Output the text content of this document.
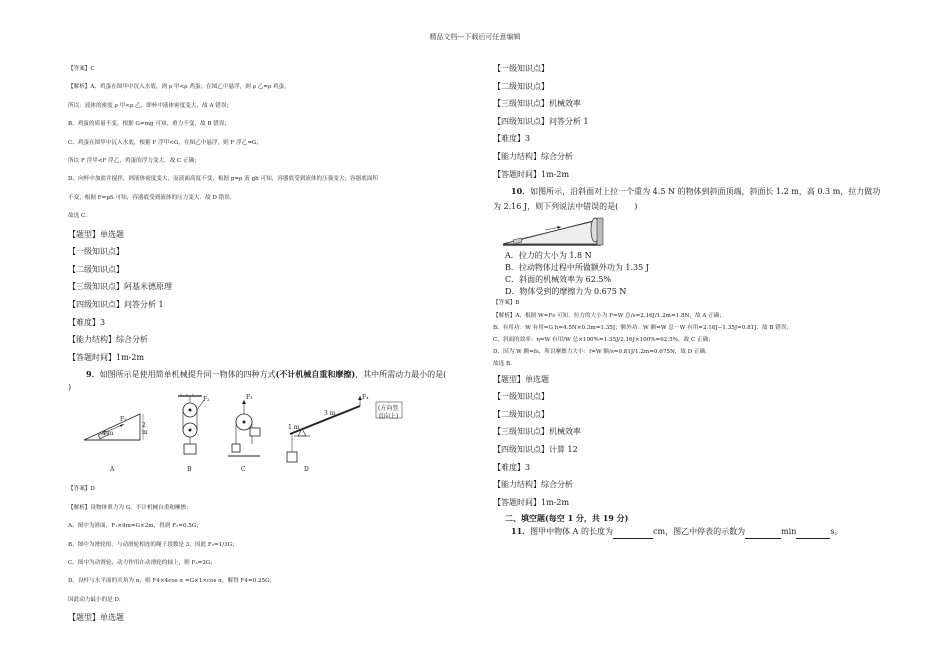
精品文档---下载后可任意编辑
【答案】C
【解析】A、鸡蛋在图甲中沉入水底，则 ρ 甲<ρ 鸡蛋；在图乙中悬浮，则 ρ 乙=ρ 鸡蛋，
所以：液体的密度 ρ 甲<ρ 乙，即杯中液体密度变大，故 A 错误；
B、鸡蛋的质量不变，根据 G=mg 可知，重力不变，故 B 错误；
C、鸡蛋在图甲中沉入水底，根据 F 浮甲<G，在图乙中悬浮，则 F 浮乙=G，
所以 F 浮甲<F 浮乙，鸡蛋的浮力变大．故 C 正确；
D、向杯中加盐并搅拌，则液体密度变大，而液面高度不变，根据 p=ρ 液 gh 可知，容器底受到液体的压强变大；容器底面积
不变，根据 F=pS 可知，容器底受到液体的压力变大．故 D 错误．
故选 C．
【题型】单选题
【一级知识点】
【二级知识点】
【三级知识点】阿基米德原理
【四级知识点】问答分析 1
【难度】3
【能力结构】综合分析
【答题时间】1m-2m
9．如图所示是使用简单机械提升同一物体的四种方式(不计机械自重和摩擦)，其中所需动力最小的是(
)
F₁
4 m
2 m
A
F₂
B
F₃
C
F₄
(方向竖
直向上)
1 m
3 m
D
【答案】D
【解析】设物体重力为 G，不计机械自重和摩擦：
A、图中为斜面，F₁×4m=G×2m，得到 F₁=0.5G；
B、图中为滑轮组，与动滑轮相连的绳子段数是 3，因此 F₂=1/3G；
C、图中为动滑轮，动力作用在动滑轮的轴上，则 F₃=2G；
D、设杆与水平面的夹角为 α，则 F4×4cos α =G×1×cos α，解得 F4=0.25G；
因此动力最小的是 D．
【题型】单选题
【一级知识点】
【二级知识点】
【三级知识点】机械效率
【四级知识点】问答分析 1
【难度】3
【能力结构】综合分析
【答题时间】1m-2m
10．如图所示，沿斜面对上拉一个重为 4.5 N 的物体到斜面顶端，斜面长 1.2 m，高 0.3 m，拉力做功为 2.16 J，则下列说法中错误的是(　　)
A．拉力的大小为 1.8 N
B．拉动物体过程中所做额外功为 1.35 J
C．斜面的机械效率为 62.5%
D．物体受到的摩擦力为 0.675 N
【答案】B
【解析】A、根据 W=Fs 可知，拉力的大小为 F=W 总/s=2.16J/1.2m=1.8N，故 A 正确；
B、有用功：W 有用=G h=4.5N×0.3m=1.35J；额外功：W 额=W 总－W 有用=2.16J−1.35J=0.81J，故 B 错误；
C、斜面的效率：η=W 有用/W 总×100%=1.35J/2.16J×100%=62.5%，故 C 正确；
D、因为 W 额=fs，所以摩擦力大小：f=W 额/s=0.81J/1.2m=0.675N，故 D 正确．
故选 B．
【题型】单选题
【一级知识点】
【二级知识点】
【三级知识点】机械效率
【四级知识点】计算 12
【难度】3
【能力结构】综合分析
【答题时间】1m-2m
二、填空题(每空 1 分，共 19 分)
11．图甲中物体 A 的长度为	cm，图乙中停表的示数为	min	s。
